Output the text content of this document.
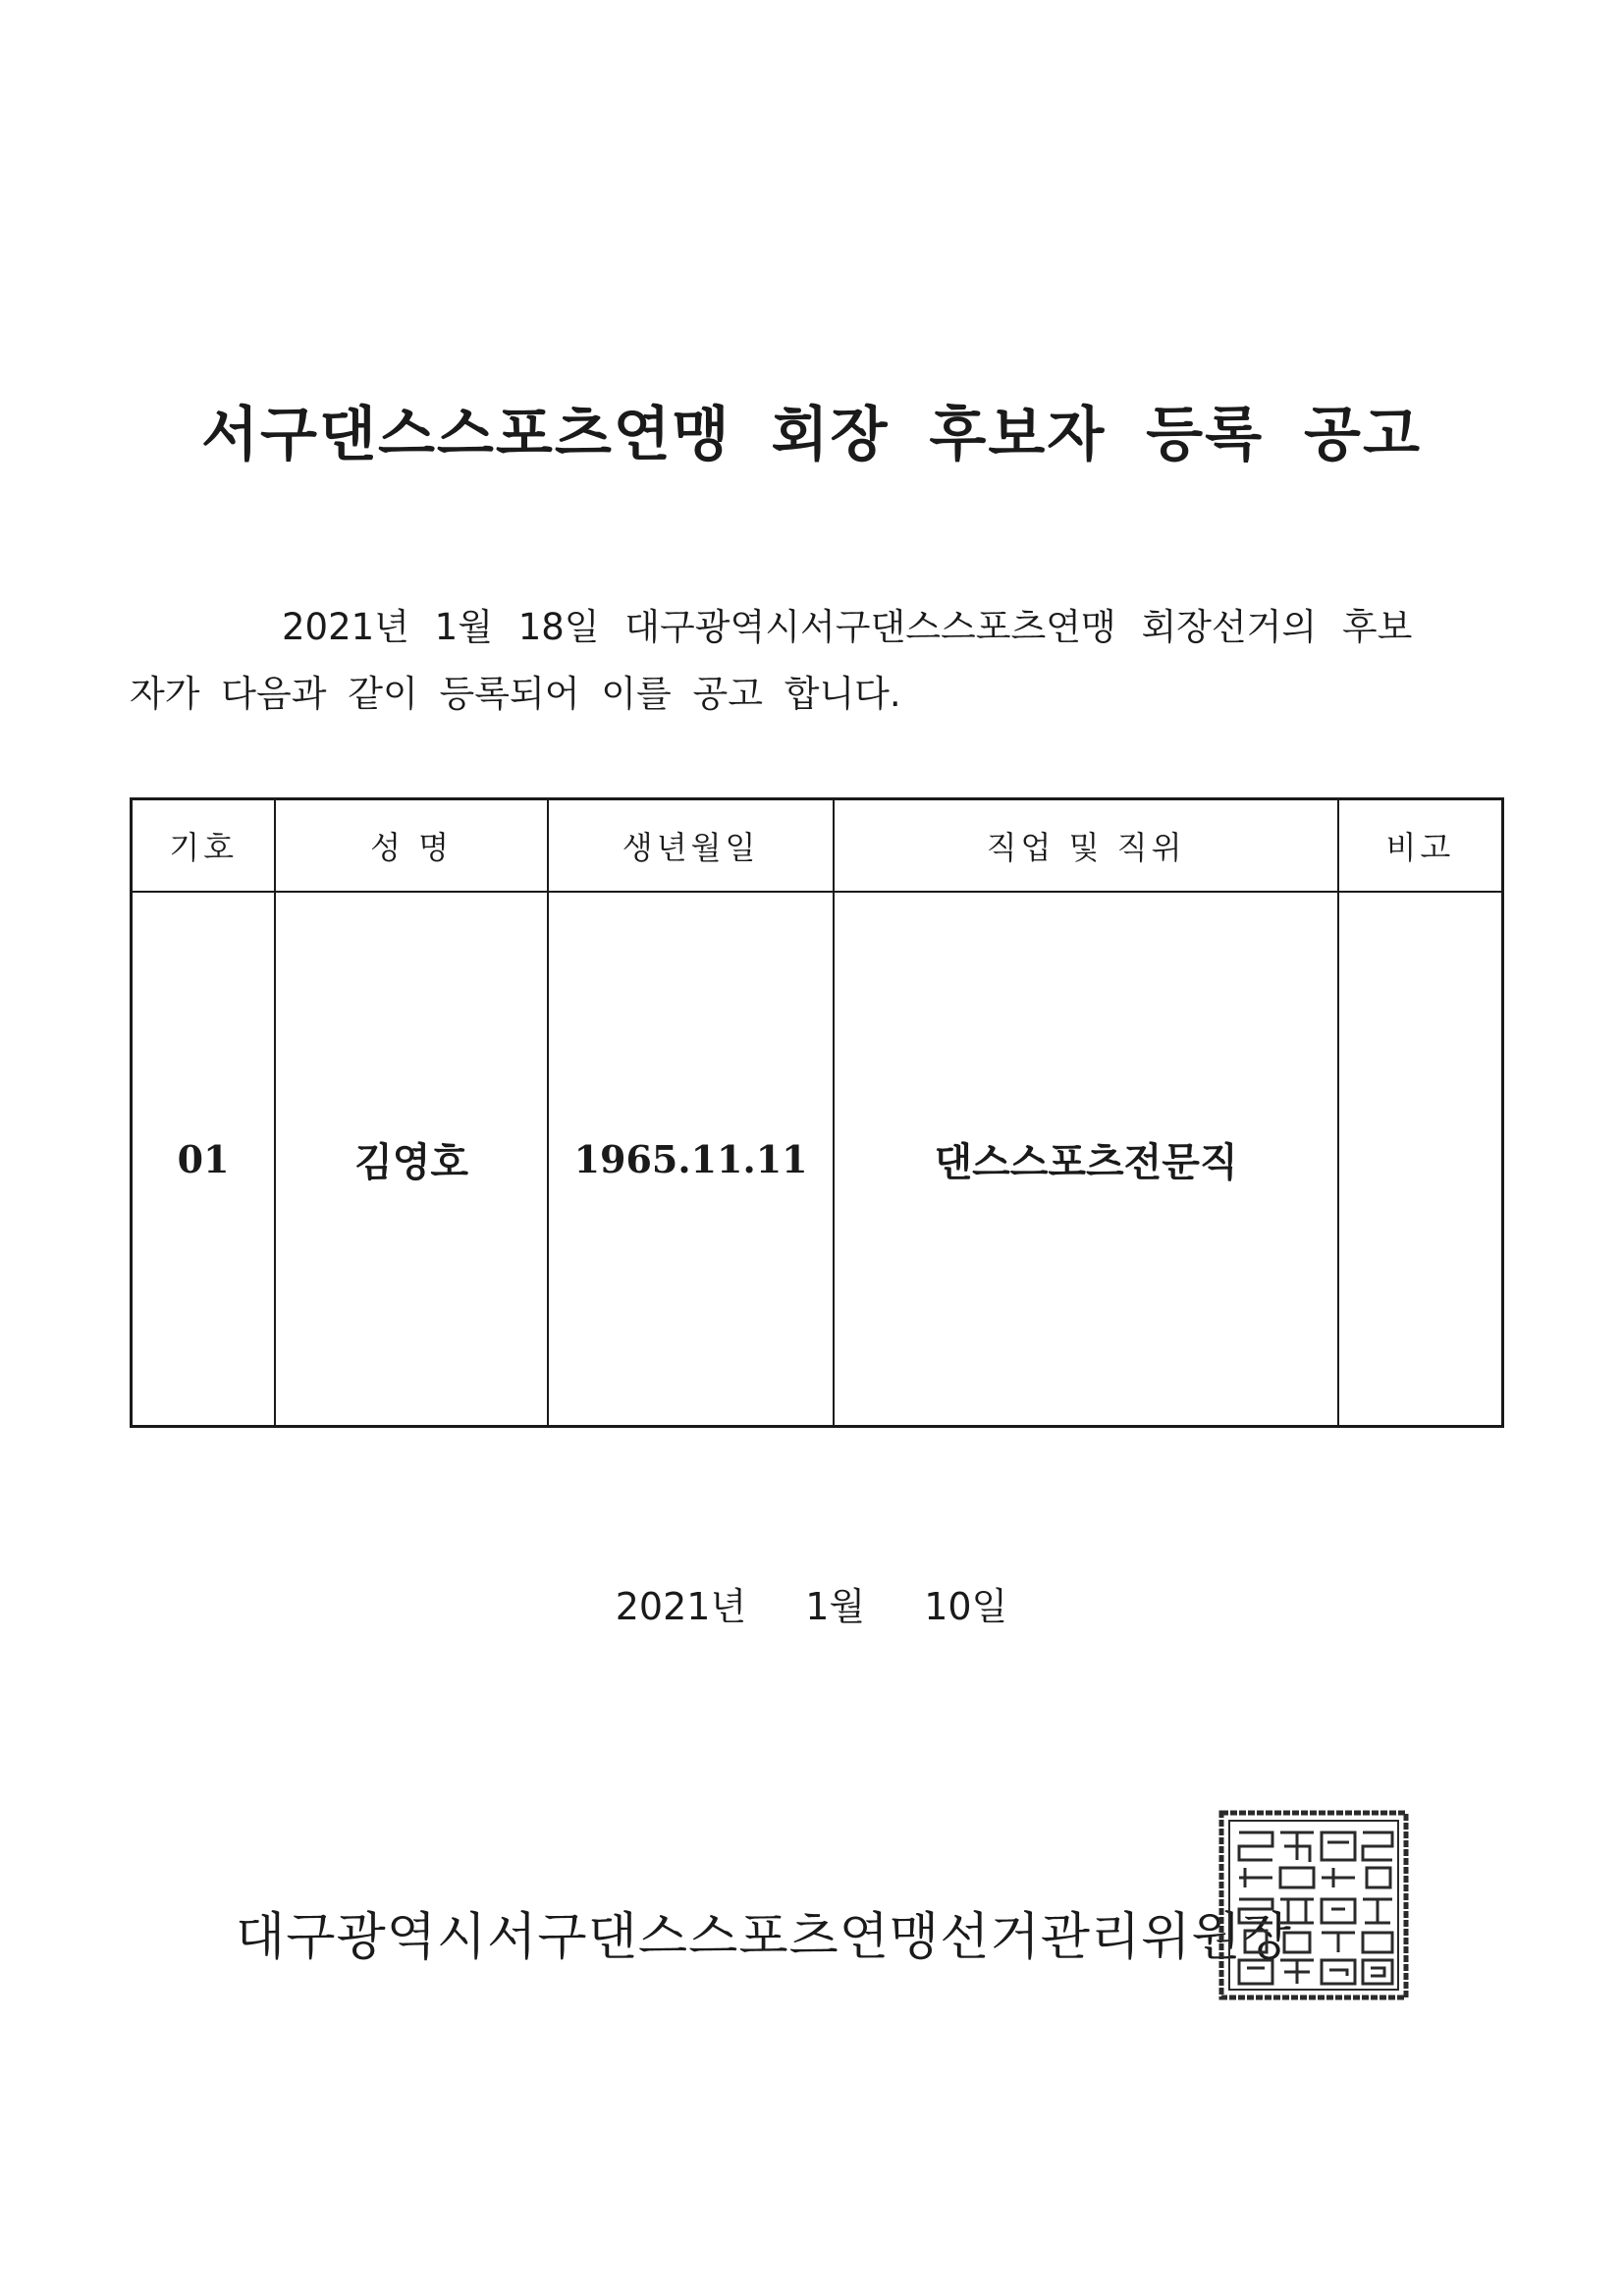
서구댄스스포츠연맹 회장 후보자 등록 공고
2021년 1월 18일 대구광역시서구댄스스포츠연맹 회장선거의 후보
자가 다음과 같이 등록되어 이를 공고 합니다.
기호	성 명	생년월일	직업 및 직위	비고
01	김영호	1965.11.11	댄스스포츠전문직	
2021년 1월 10일
대구광역시서구댄스스포츠연맹선거관리위원장
